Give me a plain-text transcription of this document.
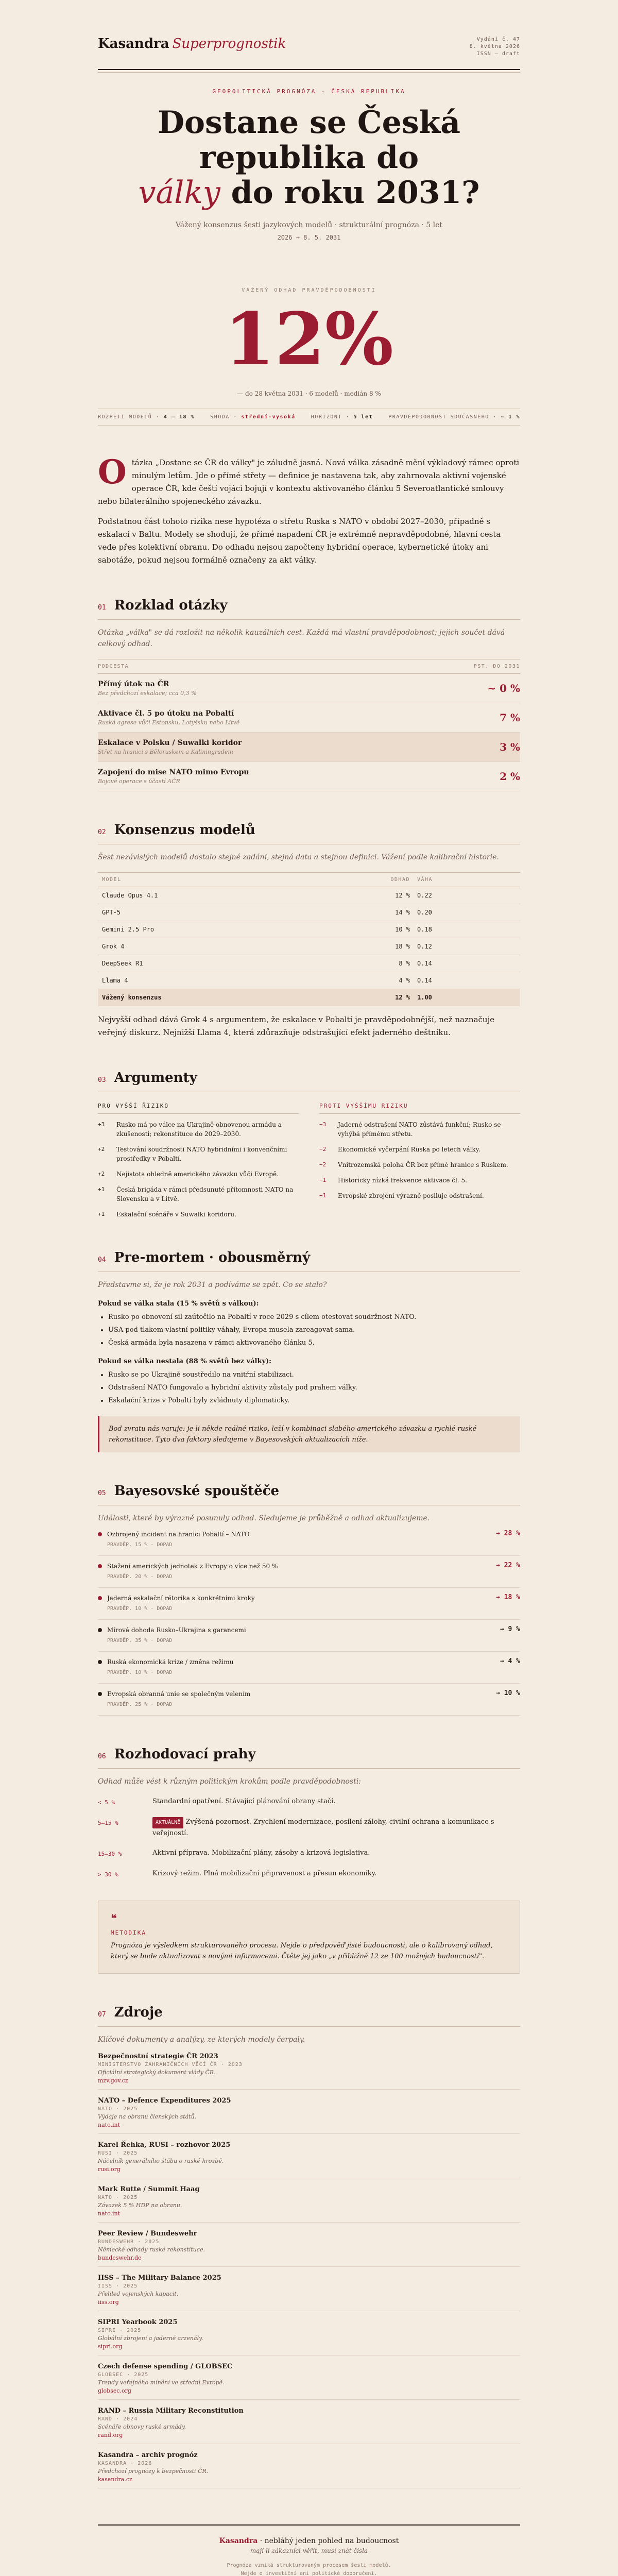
Kasandra Superprognostik	Vydání č. 47
8. května 2026
ISSN — draft
GEOPOLITICKÁ PROGNÓZA · ČESKÁ REPUBLIKA
Dostane se Česká republika do
války do roku 2031?
Vážený konsenzus šesti jazykových modelů · strukturální prognóza · 5 let
2026 → 8. 5. 2031
VÁŽENÝ ODHAD PRAVDĚPODOBNOSTI
12%
— do 28 května 2031 · 6 modelů · medián 8 %
ROZPĚTÍ MODELŮ · 4 – 18 %	SHODA · střední-vysoká	HORIZONT · 5 let	PRAVDĚPODOBNOST SOUČASNÉHO · ~ 1 %
Otázka „Dostane se ČR do války" je záludně jasná. Nová válka zásadně mění výkladový rámec oproti minulým letům. Jde o přímé střety — definice je nastavena tak, aby zahrnovala aktivní vojenské operace ČR, kde čeští vojáci bojují v kontextu aktivovaného článku 5 Severoatlantické smlouvy nebo bilaterálního spojeneckého závazku.

Podstatnou část tohoto rizika nese hypotéza o střetu Ruska s NATO v období 2027–2030, případně s eskalací v Baltu. Modely se shodují, že přímé napadení ČR je extrémně nepravděpodobné, hlavní cesta vede přes kolektivní obranu. Do odhadu nejsou započteny hybridní operace, kybernetické útoky ani sabotáže, pokud nejsou formálně označeny za akt války.

01 Rozklad otázky

Otázka „válka" se dá rozložit na několik kauzálních cest. Každá má vlastní pravděpodobnost; jejich součet dává celkový odhad.

PODCESTA	PST. DO 2031
Přímý útok na ČR
Bez předchozí eskalace; cca 0,3 %	~ 0 %
Aktivace čl. 5 po útoku na Pobaltí
Ruská agrese vůči Estonsku, Lotyšsku nebo Litvě	7 %
Eskalace v Polsku / Suwalki koridor
Střet na hranici s Běloruskem a Kaliningradem	3 %
Zapojení do mise NATO mimo Evropu
Bojové operace s účastí AČR	2 %
02 Konsenzus modelů

Šest nezávislých modelů dostalo stejné zadání, stejná data a stejnou definici. Vážení podle kalibrační historie.

MODEL	ODHAD	VÁHA
Claude Opus 4.1	12 %	0.22
GPT-5	14 %	0.20
Gemini 2.5 Pro	10 %	0.18
Grok 4	18 %	0.12
DeepSeek R1	8 %	0.14
Llama 4	4 %	0.14
Vážený konsenzus	12 %	1.00

Nejvyšší odhad dává Grok 4 s argumentem, že eskalace v Pobaltí je pravděpodobnější, než naznačuje veřejný diskurz. Nejnižší Llama 4, která zdůrazňuje odstrašující efekt jaderného deštníku.

03 Argumenty
PRO VYŠŠÍ ŘIZIKO
+3	Rusko má po válce na Ukrajině obnovenou armádu a zkušenosti; rekonstituce do 2029–2030.
+2	Testování soudržnosti NATO hybridními i konvenčními prostředky v Pobaltí.
+2	Nejistota ohledně amerického závazku vůči Evropě.
+1	Česká brigáda v rámci předsunuté přítomnosti NATO na Slovensku a v Litvě.
+1	Eskalační scénáře v Suwalki koridoru.
PROTI VYŠŠÍMU RIZIKU
−3	Jaderné odstrašení NATO zůstává funkční; Rusko se vyhýbá přímému střetu.
−2	Ekonomické vyčerpání Ruska po letech války.
−2	Vnitrozemská poloha ČR bez přímé hranice s Ruskem.
−1	Historicky nízká frekvence aktivace čl. 5.
−1	Evropské zbrojení výrazně posiluje odstrašení.
04 Pre-mortem · obousměrný

Představme si, že je rok 2031 a podíváme se zpět. Co se stalo?

Pokud se válka stala (15 % světů s válkou):
• Rusko po obnovení sil zaútočilo na Pobaltí v roce 2029 s cílem otestovat soudržnost NATO.
• USA pod tlakem vlastní politiky váhaly, Evropa musela zareagovat sama.
• Česká armáda byla nasazena v rámci aktivovaného článku 5.
Pokud se válka nestala (88 % světů bez války):
• Rusko se po Ukrajině soustředilo na vnitřní stabilizaci.
• Odstrašení NATO fungovalo a hybridní aktivity zůstaly pod prahem války.
• Eskalační krize v Pobaltí byly zvládnuty diplomaticky.
Bod zvratu nás varuje: je-li někde reálné riziko, leží v kombinaci slabého amerického závazku a rychlé ruské rekonstituce. Tyto dva faktory sledujeme v Bayesovských aktualizacích níže.
05 Bayesovské spouštěče

Události, které by výrazně posunuly odhad. Sledujeme je průběžně a odhad aktualizujeme.

Ozbrojený incident na hranici Pobaltí – NATO
PRAVDĚP. 15 % · DOPAD
→ 28 %
Stažení amerických jednotek z Evropy o více než 50 %
PRAVDĚP. 20 % · DOPAD
→ 22 %
Jaderná eskalační rétorika s konkrétními kroky
PRAVDĚP. 10 % · DOPAD
→ 18 %
Mírová dohoda Rusko–Ukrajina s garancemi
PRAVDĚP. 35 % · DOPAD
→ 9 %
Ruská ekonomická krize / změna režimu
PRAVDĚP. 10 % · DOPAD
→ 4 %
Evropská obranná unie se společným velením
PRAVDĚP. 25 % · DOPAD
→ 10 %
06 Rozhodovací prahy

Odhad může vést k různým politickým krokům podle pravděpodobnosti:

< 5 %	Standardní opatření. Stávající plánování obrany stačí.
5–15 %	AKTUÁLNĚ Zvýšená pozornost. Zrychlení modernizace, posílení zálohy, civilní ochrana a komunikace s veřejností.
15–30 %	Aktivní příprava. Mobilizační plány, zásoby a krizová legislativa.
> 30 %	Krizový režim. Plná mobilizační připravenost a přesun ekonomiky.
❝
METODIKA
Prognóza je výsledkem strukturovaného procesu. Nejde o předpověď jisté budoucnosti, ale o kalibrovaný odhad, který se bude aktualizovat s novými informacemi. Čtěte jej jako „v přibližně 12 ze 100 možných budoucností".
07 Zdroje

Klíčové dokumenty a analýzy, ze kterých modely čerpaly.

Bezpečnostní strategie ČR 2023
MINISTERSTVO ZAHRANIČNÍCH VĚCÍ ČR · 2023
Oficiální strategický dokument vlády ČR.
mzv.gov.cz
NATO – Defence Expenditures 2025
NATO · 2025
Výdaje na obranu členských států.
nato.int
Karel Řehka, RUSI – rozhovor 2025
RUSI · 2025
Náčelník generálního štábu o ruské hrozbě.
rusi.org
Mark Rutte / Summit Haag
NATO · 2025
Závazek 5 % HDP na obranu.
nato.int
Peer Review / Bundeswehr
BUNDESWEHR · 2025
Německé odhady ruské rekonstituce.
bundeswehr.de
IISS – The Military Balance 2025
IISS · 2025
Přehled vojenských kapacit.
iiss.org
SIPRI Yearbook 2025
SIPRI · 2025
Globální zbrojení a jaderné arzenály.
sipri.org
Czech defense spending / GLOBSEC
GLOBSEC · 2025
Trendy veřejného mínění ve střední Evropě.
globsec.org
RAND – Russia Military Reconstitution
RAND · 2024
Scénáře obnovy ruské armády.
rand.org
Kasandra – archiv prognóz
KASANDRA · 2026
Předchozí prognózy k bezpečnosti ČR.
kasandra.cz
Kasandra · nebláhý jeden pohled na budoucnost
mají-li zákazníci věřit, musí znát čísla
Prognóza vzniká strukturovaným procesem šesti modelů.
Nejde o investiční ani politické doporučení.
